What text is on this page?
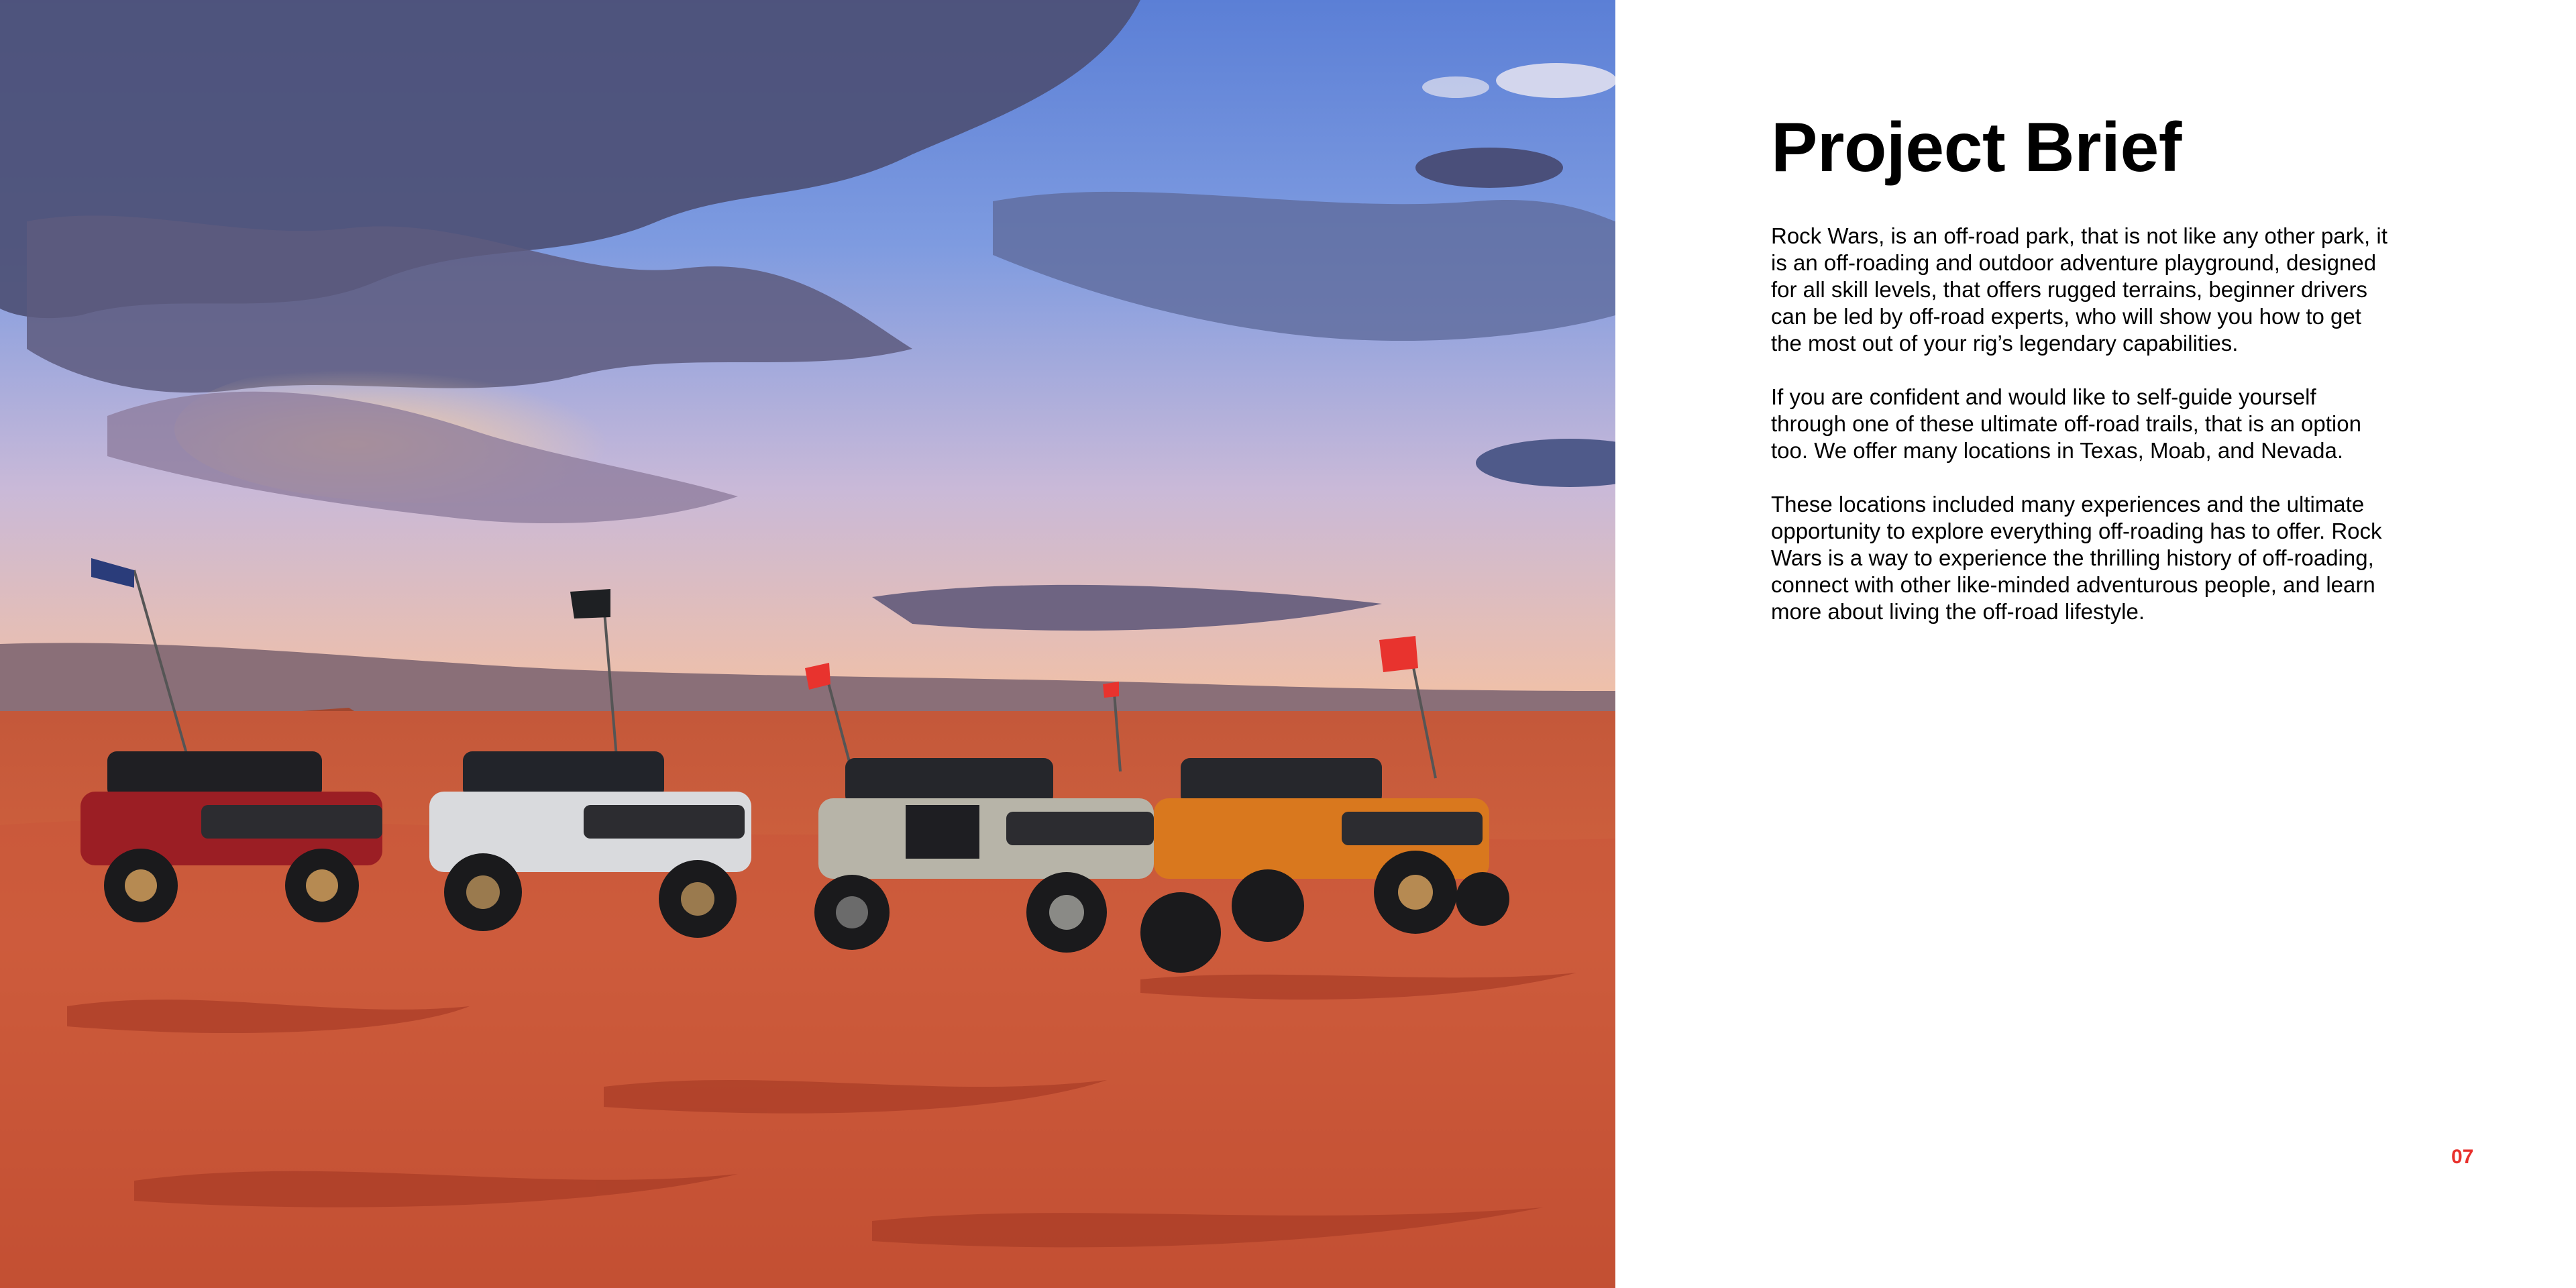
Project Brief

Rock Wars, is an off-road park, that is not like any other park, it is an off-roading and outdoor adventure playground, designed for all skill levels, that offers rugged terrains, beginner drivers can be led by off-road experts, who will show you how to get the most out of your rig’s legendary capabilities.

If you are confident and would like to self-guide yourself through one of these ultimate off-road trails, that is an option too. We offer many locations in Texas, Moab, and Nevada.

These locations included many experiences and the ultimate opportunity to explore everything off-roading has to offer. Rock Wars is a way to experience the thrilling history of off-roading, connect with other like-minded adventurous people, and learn more about living the off-road lifestyle.

07
